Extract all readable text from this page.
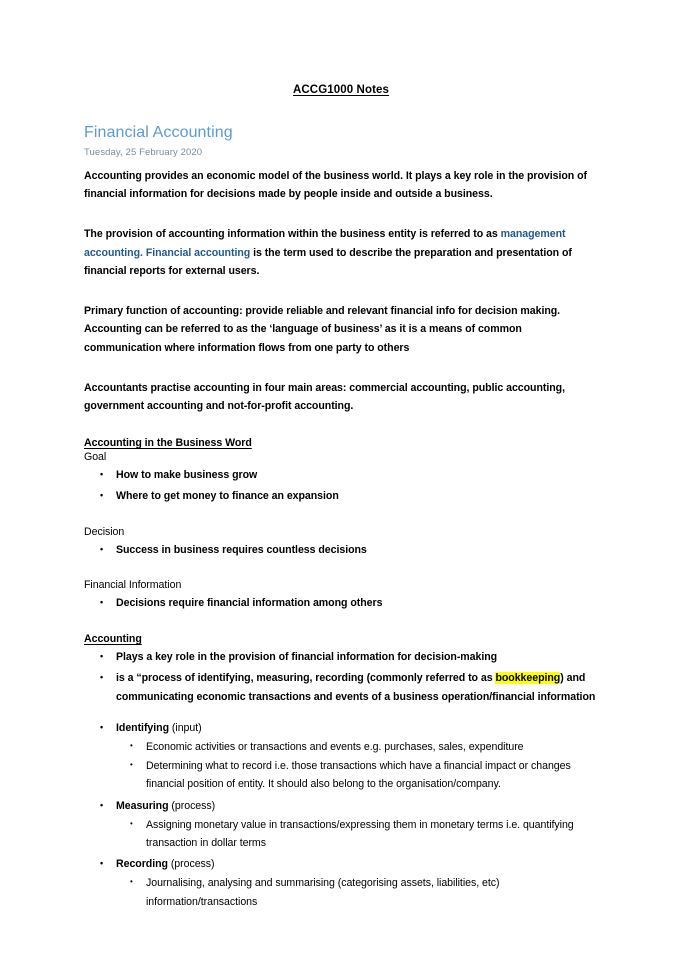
ACCG1000 Notes
Financial Accounting
Tuesday, 25 February 2020

Accounting provides an economic model of the business world. It plays a key role in the provision of financial information for decisions made by people inside and outside a business.

The provision of accounting information within the business entity is referred to as management accounting. Financial accounting is the term used to describe the preparation and presentation of financial reports for external users.

Primary function of accounting: provide reliable and relevant financial info for decision making. Accounting can be referred to as the ‘language of business’ as it is a means of common communication where information flows from one party to others

Accountants practise accounting in four main areas: commercial accounting, public accounting, government accounting and not-for-profit accounting.

Accounting in the Business Word
Goal
• How to make business grow
• Where to get money to finance an expansion
Decision
• Success in business requires countless decisions
Financial Information
• Decisions require financial information among others
Accounting
• Plays a key role in the provision of financial information for decision-making
• is a “process of identifying, measuring, recording (commonly referred to as bookkeeping) and communicating economic transactions and events of a business operation/financial information
• Identifying (input)
• Economic activities or transactions and events e.g. purchases, sales, expenditure
• Determining what to record i.e. those transactions which have a financial impact or changes financial position of entity. It should also belong to the organisation/company.
• Measuring (process)
• Assigning monetary value in transactions/expressing them in monetary terms i.e. quantifying transaction in dollar terms
• Recording (process)
• Journalising, analysing and summarising (categorising assets, liabilities, etc) information/transactions
